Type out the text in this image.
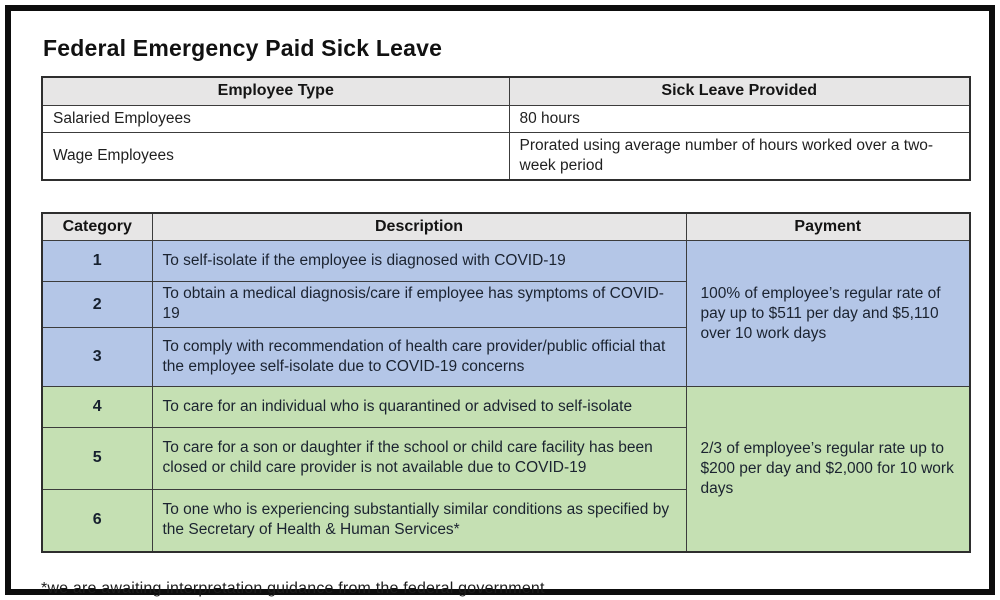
Federal Emergency Paid Sick Leave
Employee Type	Sick Leave Provided
Salaried Employees	80 hours
Wage Employees	Prorated using average number of hours worked over a two-week period
Category	Description	Payment
1	To self-isolate if the employee is diagnosed with COVID-19	100% of employee’s regular rate of pay up to $511 per day and $5,110 over 10 work days
2	To obtain a medical diagnosis/care if employee has symptoms of COVID-19	
3	To comply with recommendation of health care provider/public official that the employee self-isolate due to COVID-19 concerns	
4	To care for an individual who is quarantined or advised to self-isolate	2/3 of employee’s regular rate up to $200 per day and $2,000 for 10 work days
5	To care for a son or daughter if the school or child care facility has been closed or child care provider is not available due to COVID-19	
6	To one who is experiencing substantially similar conditions as specified by the Secretary of Health & Human Services*	
*we are awaiting interpretation guidance from the federal government
